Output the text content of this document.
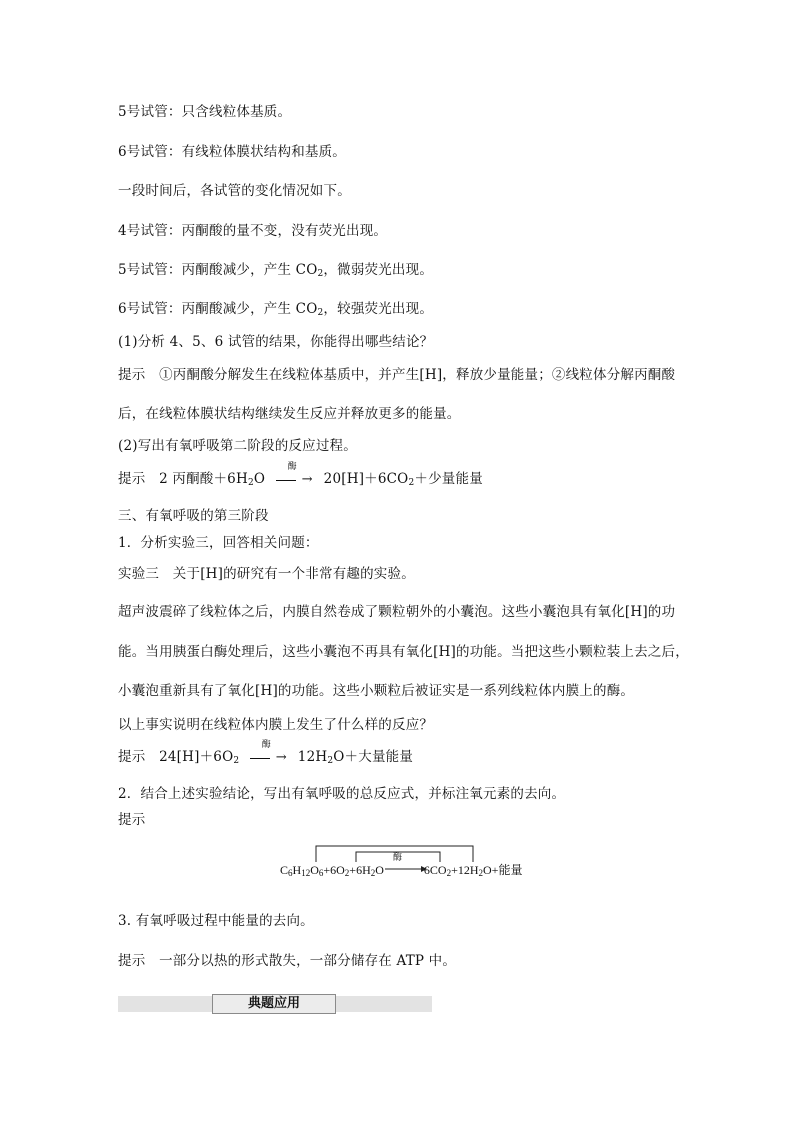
5号试管：只含线粒体基质。
6号试管：有线粒体膜状结构和基质。
一段时间后，各试管的变化情况如下。
4号试管：丙酮酸的量不变，没有荧光出现。
5号试管：丙酮酸减少，产生 $CO_2$，微弱荧光出现。
6号试管：丙酮酸减少，产生 $CO_2$，较强荧光出现。
(1)分析 4、5、6 试管的结果，你能得出哪些结论？
提示　①丙酮酸分解发生在线粒体基质中，并产生[H]，释放少量能量；②线粒体分解丙酮酸
后，在线粒体膜状结构继续发生反应并释放更多的能量。
(2)写出有氧呼吸第二阶段的反应过程。
提示　2 丙酮酸$+6H_2O$
酶
→ $20[H]+6CO_2+$少量能量
三、有氧呼吸的第三阶段
1．分析实验三，回答相关问题：
实验三　关于[H]的研究有一个非常有趣的实验。
超声波震碎了线粒体之后，内膜自然卷成了颗粒朝外的小囊泡。这些小囊泡具有氧化[H]的功
能。当用胰蛋白酶处理后，这些小囊泡不再具有氧化[H]的功能。当把这些小颗粒装上去之后，
小囊泡重新具有了氧化[H]的功能。这些小颗粒后被证实是一系列线粒体内膜上的酶。
以上事实说明在线粒体内膜上发生了什么样的反应？
提示　$24[H]+6O_2$
酶
→ $12H_2O+$大量能量
2．结合上述实验结论，写出有氧呼吸的总反应式，并标注氧元素的去向。
提示
酶
$C_6H_{12}O_6+6O_2+6H_2O$	$6CO_2+12H_2O+$能量
3. 有氧呼吸过程中能量的去向。
提示　一部分以热的形式散失，一部分储存在 ATP 中。
典题应用
